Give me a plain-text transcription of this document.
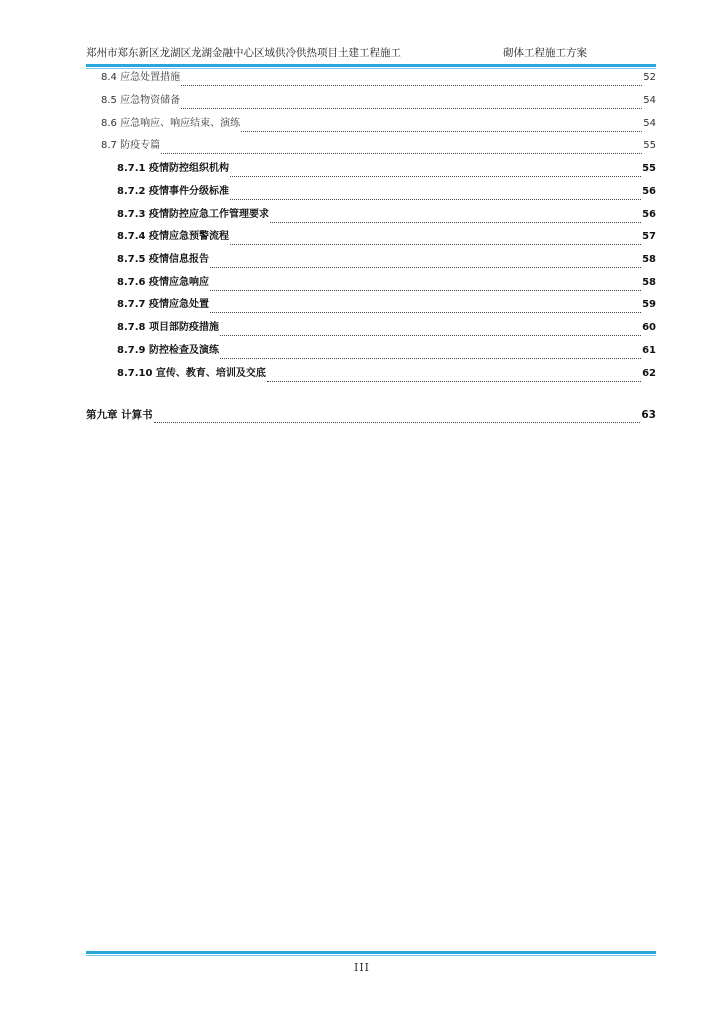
郑州市郑东新区龙湖区龙湖金融中心区域供冷供热项目土建工程施工	砌体工程施工方案
8.4 应急处置措施	52
8.5 应急物资储备	54
8.6 应急响应、响应结束、演练	54
8.7 防疫专篇	55
8.7.1 疫情防控组织机构	55
8.7.2 疫情事件分级标准	56
8.7.3 疫情防控应急工作管理要求	56
8.7.4 疫情应急预警流程	57
8.7.5 疫情信息报告	58
8.7.6 疫情应急响应	58
8.7.7 疫情应急处置	59
8.7.8 项目部防疫措施	60
8.7.9 防控检查及演练	61
8.7.10 宣传、教育、培训及交底	62
第九章 计算书	63
III
